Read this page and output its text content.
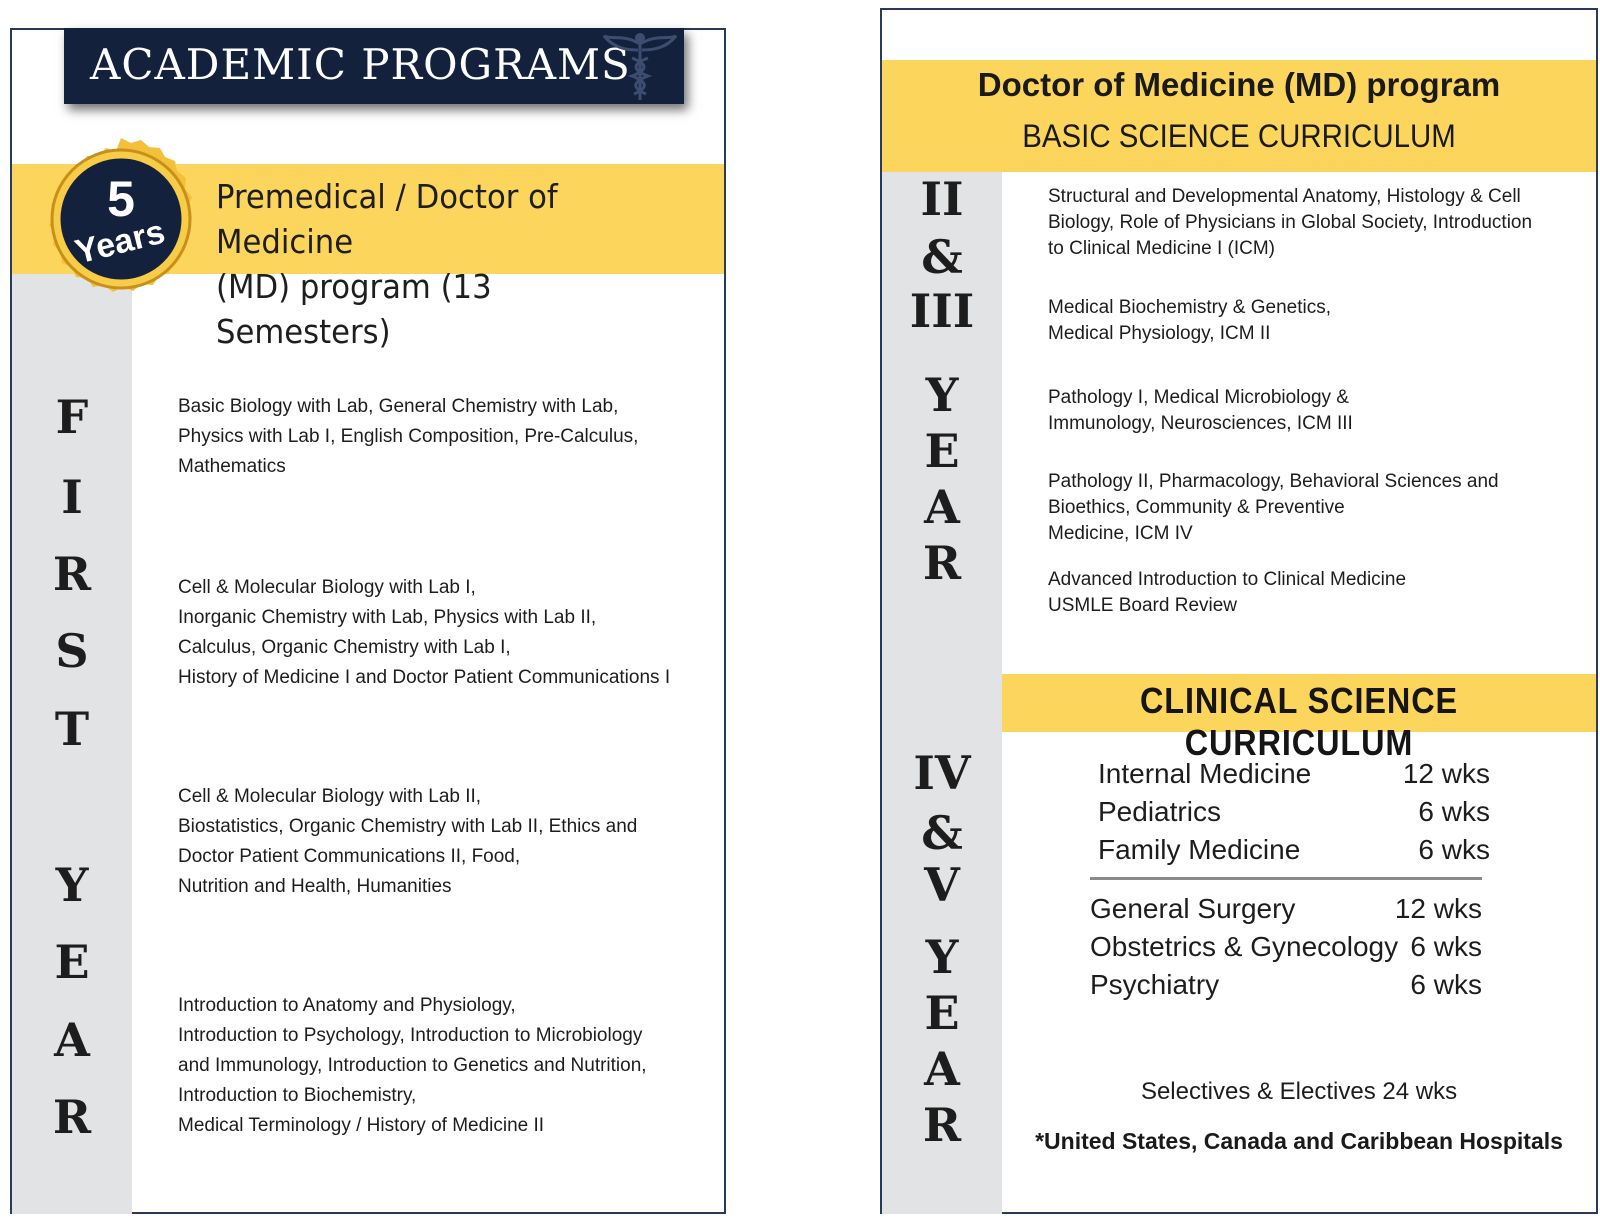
ACADEMIC PROGRAMS
Premedical / Doctor of Medicine
(MD) program (13 Semesters)
5
Years
F
I
R
S
T
Y
E
A
R
Basic Biology with Lab, General Chemistry with Lab,
Physics with Lab I, English Composition, Pre-Calculus,
Mathematics
Cell & Molecular Biology with Lab I,
Inorganic Chemistry with Lab, Physics with Lab II,
Calculus, Organic Chemistry with Lab I,
History of Medicine I and Doctor Patient Communications I
Cell & Molecular Biology with Lab II,
Biostatistics, Organic Chemistry with Lab II, Ethics and
Doctor Patient Communications II, Food,
Nutrition and Health, Humanities
Introduction to Anatomy and Physiology,
Introduction to Psychology, Introduction to Microbiology
and Immunology, Introduction to Genetics and Nutrition,
Introduction to Biochemistry,
Medical Terminology / History of Medicine II
Doctor of Medicine (MD) program
BASIC SCIENCE CURRICULUM
II
&
III
Y
E
A
R
IV
&
V
Y
E
A
R
Structural and Developmental Anatomy, Histology & Cell
Biology, Role of Physicians in Global Society, Introduction
to Clinical Medicine I (ICM)
Medical Biochemistry & Genetics,
Medical Physiology, ICM II
Pathology I, Medical Microbiology &
Immunology, Neurosciences, ICM III
Pathology II, Pharmacology, Behavioral Sciences and
Bioethics, Community & Preventive
Medicine, ICM IV
Advanced Introduction to Clinical Medicine
USMLE Board Review
CLINICAL SCIENCE CURRICULUM
Internal Medicine	12 wks
Pediatrics	6 wks
Family Medicine	6 wks
General Surgery	12 wks
Obstetrics & Gynecology 6 wks
Psychiatry	6 wks
Selectives & Electives 24 wks
*United States, Canada and Caribbean Hospitals
